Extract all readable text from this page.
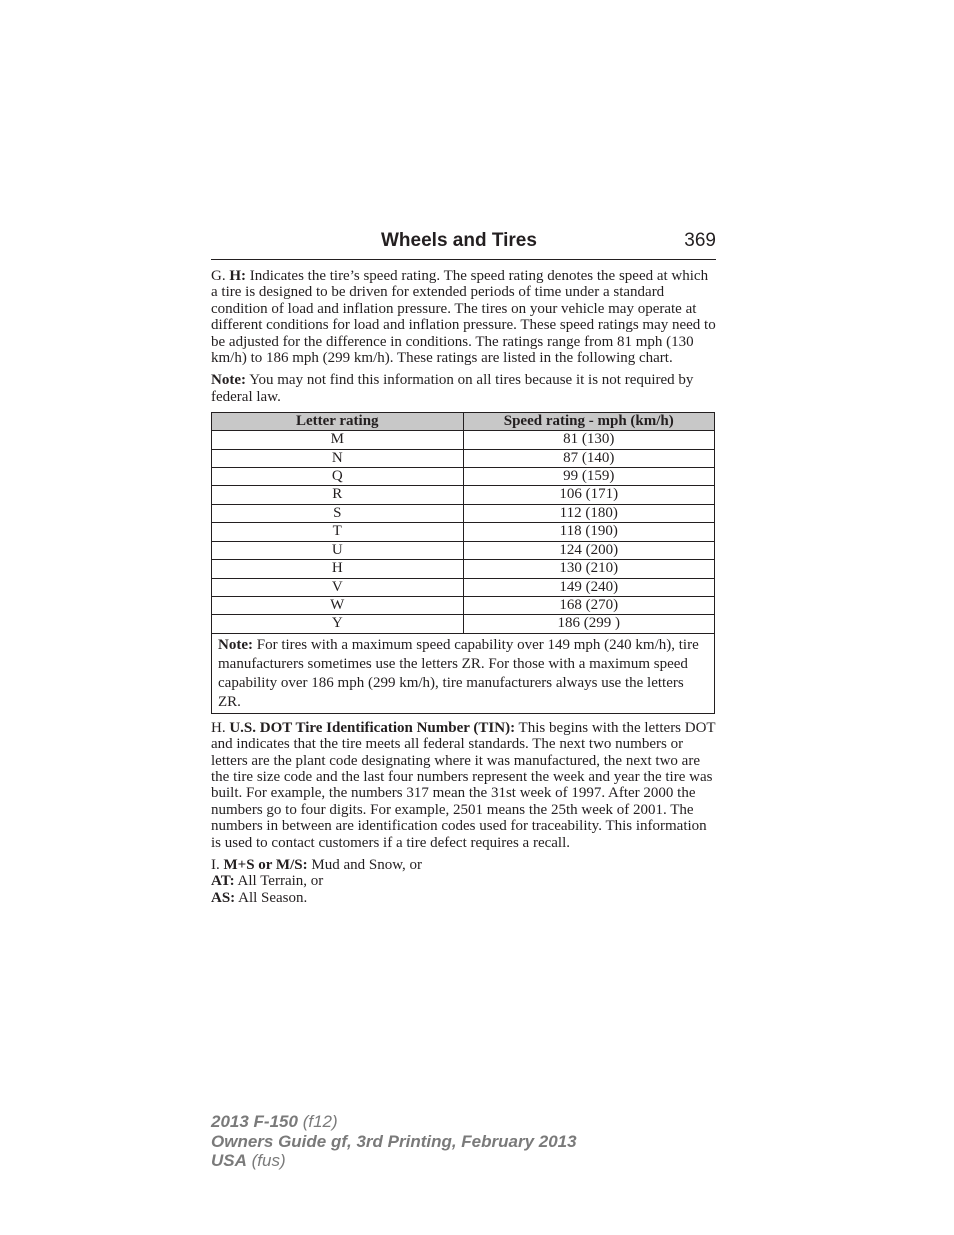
Wheels and Tires	369

G. H: Indicates the tire’s speed rating. The speed rating denotes the speed at which a tire is designed to be driven for extended periods of time under a standard condition of load and inflation pressure. The tires on your vehicle may operate at different conditions for load and inflation pressure. These speed ratings may need to be adjusted for the difference in conditions. The ratings range from 81 mph (130 km/h) to 186 mph (299 km/h). These ratings are listed in the following chart.

Note: You may not find this information on all tires because it is not required by federal law.

Letter rating	Speed rating - mph (km/h)
M	81 (130)
N	87 (140)
Q	99 (159)
R	106 (171)
S	112 (180)
T	118 (190)
U	124 (200)
H	130 (210)
V	149 (240)
W	168 (270)
Y	186 (299 )
Note: For tires with a maximum speed capability over 149 mph (240 km/h), tire manufacturers sometimes use the letters ZR. For those with a maximum speed capability over 186 mph (299 km/h), tire manufacturers always use the letters ZR.	

H. U.S. DOT Tire Identification Number (TIN): This begins with the letters DOT and indicates that the tire meets all federal standards. The next two numbers or letters are the plant code designating where it was manufactured, the next two are the tire size code and the last four numbers represent the week and year the tire was built. For example, the numbers 317 mean the 31st week of 1997. After 2000 the numbers go to four digits. For example, 2501 means the 25th week of 2001. The numbers in between are identification codes used for traceability. This information is used to contact customers if a tire defect requires a recall.

I. M+S or M/S: Mud and Snow, or
AT: All Terrain, or
AS: All Season.

2013 F-150 (f12)
Owners Guide gf, 3rd Printing, February 2013
USA (fus)
